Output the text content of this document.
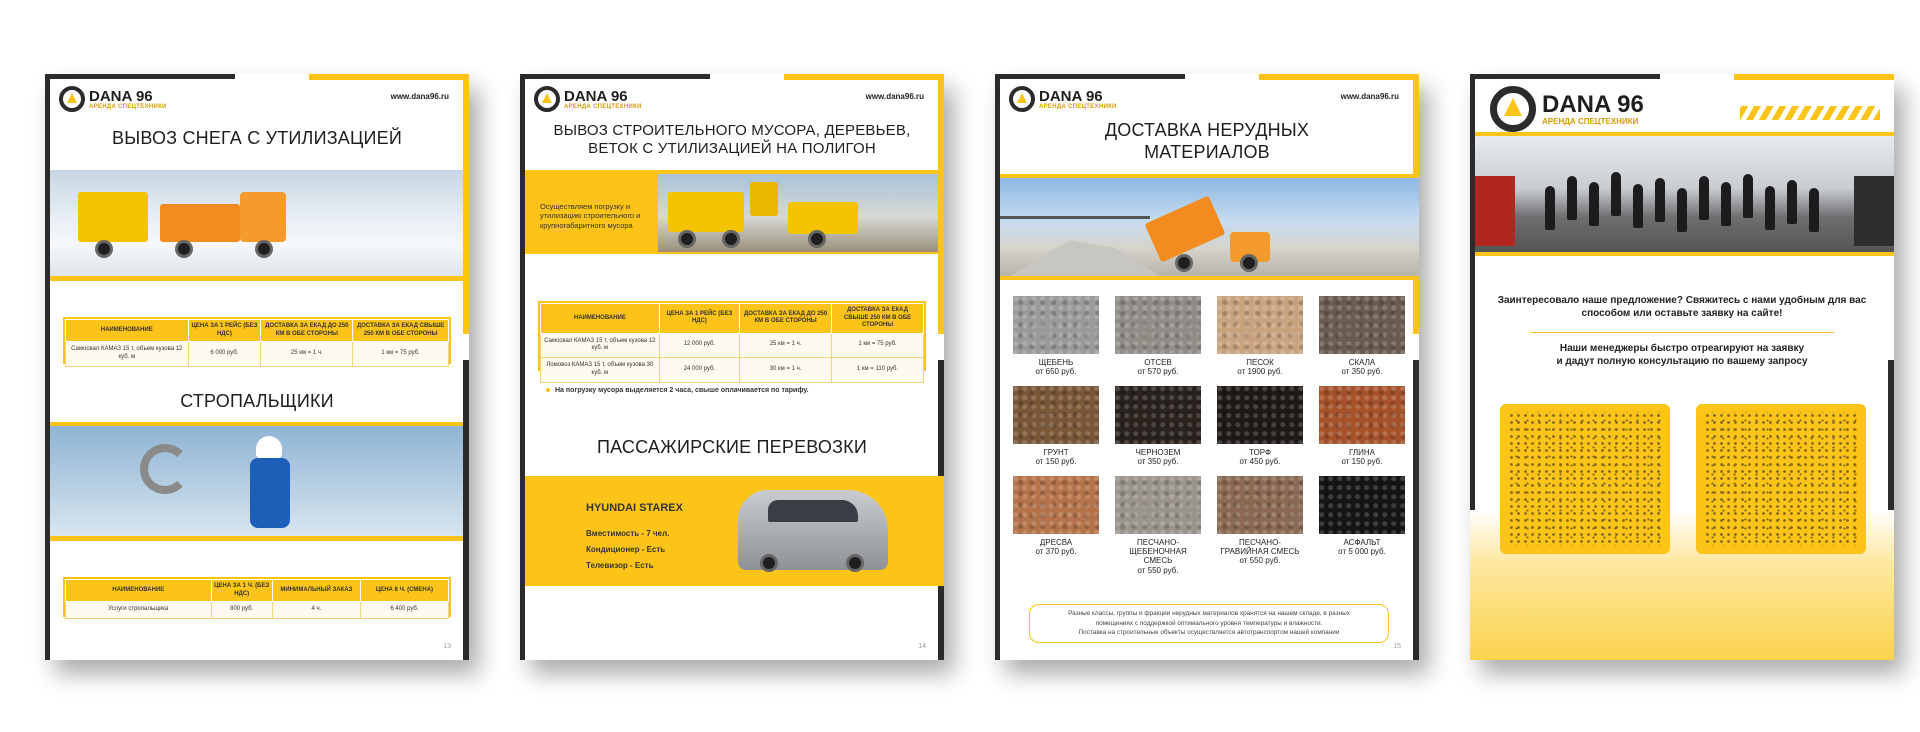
DANA 96
АРЕНДА СПЕЦТЕХНИКИ
www.dana96.ru
ВЫВОЗ СНЕГА С УТИЛИЗАЦИЕЙ
НАИМЕНОВАНИЕ	ЦЕНА ЗА 1 РЕЙС (БЕЗ НДС)	ДОСТАВКА ЗА ЕКАД ДО 250 КМ В ОБЕ СТОРОНЫ	ДОСТАВКА ЗА ЕКАД СВЫШЕ 250 КМ В ОБЕ СТОРОНЫ
Самосвал КАМАЗ 15 т, объем кузова 12 куб. м	6 000 руб.	25 км = 1 ч.	1 км = 75 руб.
СТРОПАЛЬЩИКИ
НАИМЕНОВАНИЕ	ЦЕНА ЗА 1 Ч. (БЕЗ НДС)	МИНИМАЛЬНЫЙ ЗАКАЗ	ЦЕНА 8 Ч. (СМЕНА)
Услуги стропальщика	800 руб.	4 ч.	6 400 руб.
13
DANA 96
АРЕНДА СПЕЦТЕХНИКИ
www.dana96.ru
ВЫВОЗ СТРОИТЕЛЬНОГО МУСОРА, ДЕРЕВЬЕВ,
ВЕТОК С УТИЛИЗАЦИЕЙ НА ПОЛИГОН
Осуществляем погрузку и утилизацию строительного и крупногабаритного мусора
НАИМЕНОВАНИЕ	ЦЕНА ЗА 1 РЕЙС (БЕЗ НДС)	ДОСТАВКА ЗА ЕКАД ДО 250 КМ В ОБЕ СТОРОНЫ	ДОСТАВКА ЗА ЕКАД СВЫШЕ 250 КМ В ОБЕ СТОРОНЫ
Самосвал КАМАЗ 15 т, объем кузова 12 куб. м	12 000 руб.	25 км = 1 ч.	1 км = 75 руб.
Ломовоз КАМАЗ 15 т, объем кузова 30 куб. м	24 000 руб.	30 км = 1 ч.	1 км = 110 руб.
На погрузку мусора выделяется 2 часа, свыше оплачивается по тарифу.
ПАССАЖИРСКИЕ ПЕРЕВОЗКИ
HYUNDAI STAREX
Вместимость - 7 чел.
Кондиционер - Есть
Телевизор - Есть
14
DANA 96
АРЕНДА СПЕЦТЕХНИКИ
www.dana96.ru
ДОСТАВКА НЕРУДНЫХ
МАТЕРИАЛОВ
ЩЕБЕНЬ
от 650 руб.
ОТСЕВ
от 570 руб.
ПЕСОК
от 1900 руб.
СКАЛА
от 350 руб.
ГРУНТ
от 150 руб.
ЧЕРНОЗЕМ
от 350 руб.
ТОРФ
от 450 руб.
ГЛИНА
от 150 руб.
ДРЕСВА
от 370 руб.
ПЕСЧАНО-ЩЕБЕНОЧНАЯ СМЕСЬ
от 550 руб.
ПЕСЧАНО-ГРАВИЙНАЯ СМЕСЬ
от 550 руб.
АСФАЛЬТ
от 5 000 руб.
Разные классы, группы и фракции нерудных материалов хранятся на нашем складе, в разных
помещениях с поддержкой оптимального уровня температуры и влажности.
Поставка на строительные объекты осуществляется автотранспортом нашей компании
15
DANA 96
АРЕНДА СПЕЦТЕХНИКИ
Заинтересовало наше предложение? Свяжитесь с нами удобным для вас
способом или оставьте заявку на сайте!
Наши менеджеры быстро отреагируют на заявку
и дадут полную консультацию по вашему запросу
